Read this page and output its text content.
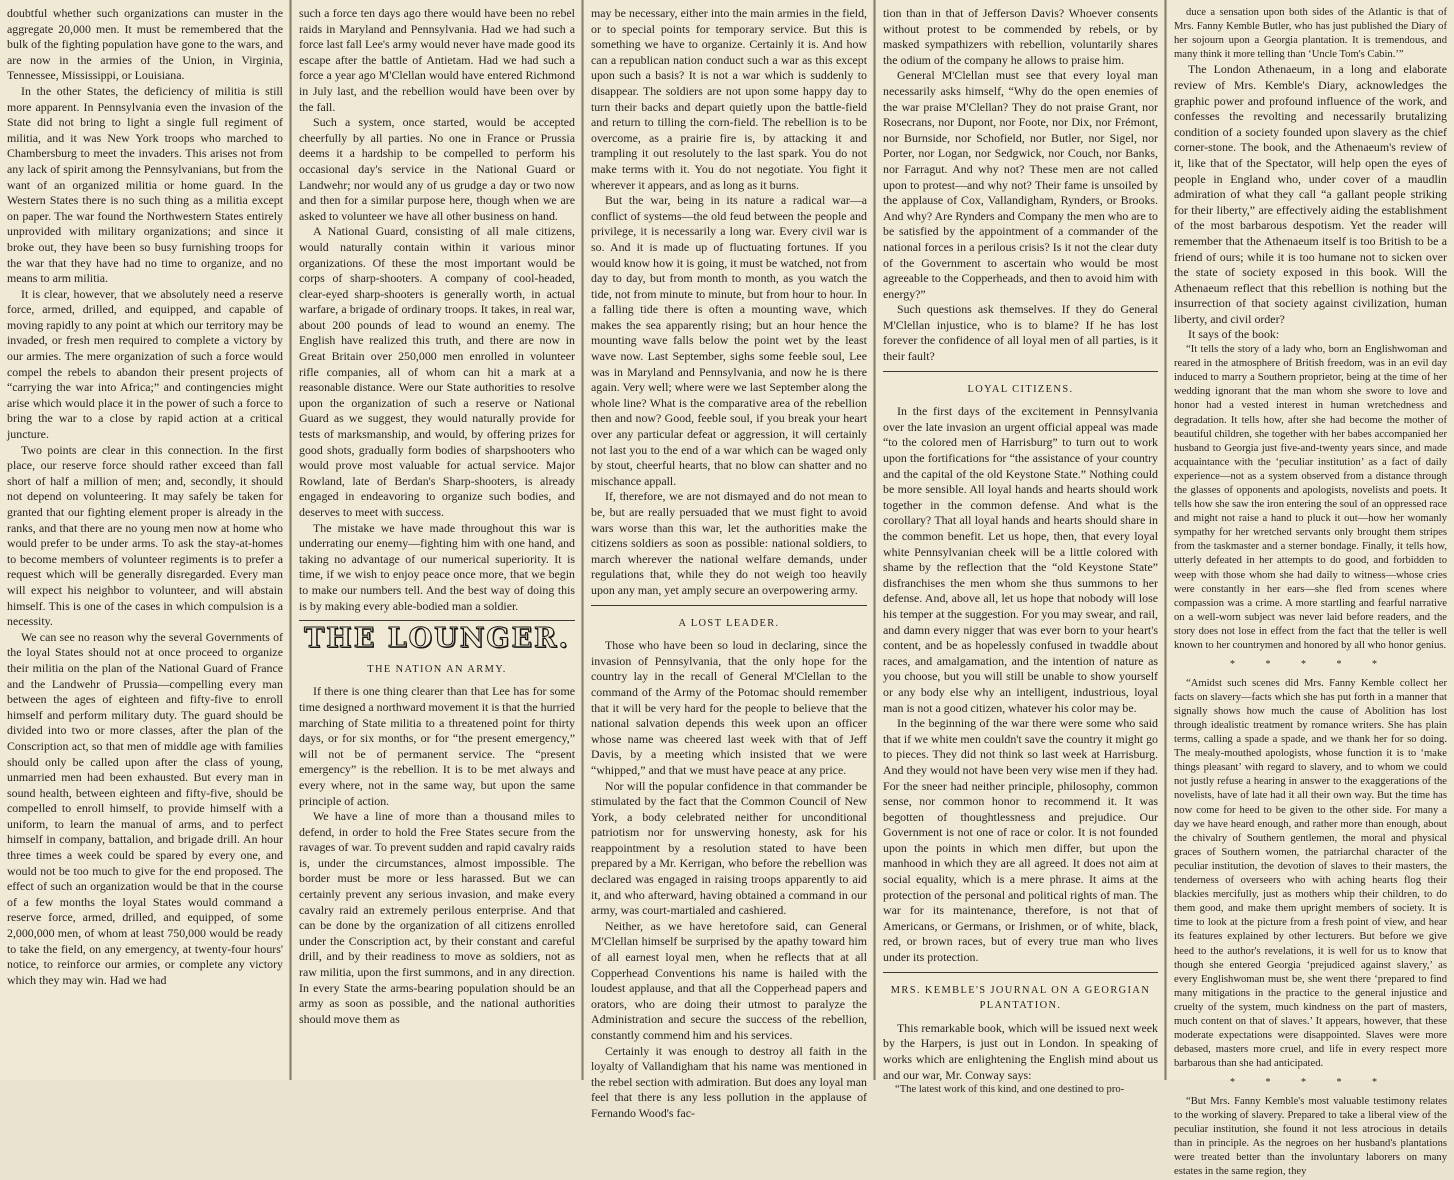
doubtful whether such organizations can muster in the aggregate 20,000 men. It must be remembered that the bulk of the fighting population have gone to the wars, and are now in the armies of the Union, in Virginia, Tennessee, Mississippi, or Louisiana.

In the other States, the deficiency of militia is still more apparent. In Pennsylvania even the invasion of the State did not bring to light a single full regiment of militia, and it was New York troops who marched to Chambersburg to meet the invaders. This arises not from any lack of spirit among the Pennsylvanians, but from the want of an organized militia or home guard. In the Western States there is no such thing as a militia except on paper. The war found the Northwestern States entirely unprovided with military organizations; and since it broke out, they have been so busy furnishing troops for the war that they have had no time to organize, and no means to arm militia.

It is clear, however, that we absolutely need a reserve force, armed, drilled, and equipped, and capable of moving rapidly to any point at which our territory may be invaded, or fresh men required to complete a victory by our armies. The mere organization of such a force would compel the rebels to abandon their present projects of “carrying the war into Africa;” and contingencies might arise which would place it in the power of such a force to bring the war to a close by rapid action at a critical juncture.

Two points are clear in this connection. In the first place, our reserve force should rather exceed than fall short of half a million of men; and, secondly, it should not depend on volunteering. It may safely be taken for granted that our fighting element proper is already in the ranks, and that there are no young men now at home who would prefer to be under arms. To ask the stay-at-homes to become members of volunteer regiments is to prefer a request which will be generally disregarded. Every man will expect his neighbor to volunteer, and will abstain himself. This is one of the cases in which compulsion is a necessity.

We can see no reason why the several Governments of the loyal States should not at once proceed to organize their militia on the plan of the National Guard of France and the Landwehr of Prussia—compelling every man between the ages of eighteen and fifty-five to enroll himself and perform military duty. The guard should be divided into two or more classes, after the plan of the Conscription act, so that men of middle age with families should only be called upon after the class of young, unmarried men had been exhausted. But every man in sound health, between eighteen and fifty-five, should be compelled to enroll himself, to provide himself with a uniform, to learn the manual of arms, and to perfect himself in company, battalion, and brigade drill. An hour three times a week could be spared by every one, and would not be too much to give for the end proposed. The effect of such an organization would be that in the course of a few months the loyal States would command a reserve force, armed, drilled, and equipped, of some 2,000,000 men, of whom at least 750,000 would be ready to take the field, on any emergency, at twenty-four hours' notice, to reinforce our armies, or complete any victory which they may win. Had we had

such a force ten days ago there would have been no rebel raids in Maryland and Pennsylvania. Had we had such a force last fall Lee's army would never have made good its escape after the battle of Antietam. Had we had such a force a year ago M'Clellan would have entered Richmond in July last, and the rebellion would have been over by the fall.

Such a system, once started, would be accepted cheerfully by all parties. No one in France or Prussia deems it a hardship to be compelled to perform his occasional day's service in the National Guard or Landwehr; nor would any of us grudge a day or two now and then for a similar purpose here, though when we are asked to volunteer we have all other business on hand.

A National Guard, consisting of all male citizens, would naturally contain within it various minor organizations. Of these the most important would be corps of sharp-shooters. A company of cool-headed, clear-eyed sharp-shooters is generally worth, in actual warfare, a brigade of ordinary troops. It takes, in real war, about 200 pounds of lead to wound an enemy. The English have realized this truth, and there are now in Great Britain over 250,000 men enrolled in volunteer rifle companies, all of whom can hit a mark at a reasonable distance. Were our State authorities to resolve upon the organization of such a reserve or National Guard as we suggest, they would naturally provide for tests of marksmanship, and would, by offering prizes for good shots, gradually form bodies of sharpshooters who would prove most valuable for actual service. Major Rowland, late of Berdan's Sharp-shooters, is already engaged in endeavoring to organize such bodies, and deserves to meet with success.

The mistake we have made throughout this war is underrating our enemy—fighting him with one hand, and taking no advantage of our numerical superiority. It is time, if we wish to enjoy peace once more, that we begin to make our numbers tell. And the best way of doing this is by making every able-bodied man a soldier.

THE LOUNGER.
THE NATION AN ARMY.

If there is one thing clearer than that Lee has for some time designed a northward movement it is that the hurried marching of State militia to a threatened point for thirty days, or for six months, or for “the present emergency,” will not be of permanent service. The “present emergency” is the rebellion. It is to be met always and every where, not in the same way, but upon the same principle of action.

We have a line of more than a thousand miles to defend, in order to hold the Free States secure from the ravages of war. To prevent sudden and rapid cavalry raids is, under the circumstances, almost impossible. The border must be more or less harassed. But we can certainly prevent any serious invasion, and make every cavalry raid an extremely perilous enterprise. And that can be done by the organization of all citizens enrolled under the Conscription act, by their constant and careful drill, and by their readiness to move as soldiers, not as raw militia, upon the first summons, and in any direction. In every State the arms-bearing population should be an army as soon as possible, and the national authorities should move them as

may be necessary, either into the main armies in the field, or to special points for temporary service. But this is something we have to organize. Certainly it is. And how can a republican nation conduct such a war as this except upon such a basis? It is not a war which is suddenly to disappear. The soldiers are not upon some happy day to turn their backs and depart quietly upon the battle-field and return to tilling the corn-field. The rebellion is to be overcome, as a prairie fire is, by attacking it and trampling it out resolutely to the last spark. You do not make terms with it. You do not negotiate. You fight it wherever it appears, and as long as it burns.

But the war, being in its nature a radical war—a conflict of systems—the old feud between the people and privilege, it is necessarily a long war. Every civil war is so. And it is made up of fluctuating fortunes. If you would know how it is going, it must be watched, not from day to day, but from month to month, as you watch the tide, not from minute to minute, but from hour to hour. In a falling tide there is often a mounting wave, which makes the sea apparently rising; but an hour hence the mounting wave falls below the point wet by the least wave now. Last September, sighs some feeble soul, Lee was in Maryland and Pennsylvania, and now he is there again. Very well; where were we last September along the whole line? What is the comparative area of the rebellion then and now? Good, feeble soul, if you break your heart over any particular defeat or aggression, it will certainly not last you to the end of a war which can be waged only by stout, cheerful hearts, that no blow can shatter and no mischance appall.

If, therefore, we are not dismayed and do not mean to be, but are really persuaded that we must fight to avoid wars worse than this war, let the authorities make the citizens soldiers as soon as possible: national soldiers, to march wherever the national welfare demands, under regulations that, while they do not weigh too heavily upon any man, yet amply secure an overpowering army.

A LOST LEADER.

Those who have been so loud in declaring, since the invasion of Pennsylvania, that the only hope for the country lay in the recall of General M'Clellan to the command of the Army of the Potomac should remember that it will be very hard for the people to believe that the national salvation depends this week upon an officer whose name was cheered last week with that of Jeff Davis, by a meeting which insisted that we were “whipped,” and that we must have peace at any price.

Nor will the popular confidence in that commander be stimulated by the fact that the Common Council of New York, a body celebrated neither for unconditional patriotism nor for unswerving honesty, ask for his reappointment by a resolution stated to have been prepared by a Mr. Kerrigan, who before the rebellion was declared was engaged in raising troops apparently to aid it, and who afterward, having obtained a command in our army, was court-martialed and cashiered.

Neither, as we have heretofore said, can General M'Clellan himself be surprised by the apathy toward him of all earnest loyal men, when he reflects that at all Copperhead Conventions his name is hailed with the loudest applause, and that all the Copperhead papers and orators, who are doing their utmost to paralyze the Administration and secure the success of the rebellion, constantly commend him and his services.

Certainly it was enough to destroy all faith in the loyalty of Vallandigham that his name was mentioned in the rebel section with admiration. But does any loyal man feel that there is any less pollution in the applause of Fernando Wood's fac-

tion than in that of Jefferson Davis? Whoever consents without protest to be commended by rebels, or by masked sympathizers with rebellion, voluntarily shares the odium of the company he allows to praise him.

General M'Clellan must see that every loyal man necessarily asks himself, “Why do the open enemies of the war praise M'Clellan? They do not praise Grant, nor Rosecrans, nor Dupont, nor Foote, nor Dix, nor Frémont, nor Burnside, nor Schofield, nor Butler, nor Sigel, nor Porter, nor Logan, nor Sedgwick, nor Couch, nor Banks, nor Farragut. And why not? These men are not called upon to protest—and why not? Their fame is unsoiled by the applause of Cox, Vallandigham, Rynders, or Brooks. And why? Are Rynders and Company the men who are to be satisfied by the appointment of a commander of the national forces in a perilous crisis? Is it not the clear duty of the Government to ascertain who would be most agreeable to the Copperheads, and then to avoid him with energy?”

Such questions ask themselves. If they do General M'Clellan injustice, who is to blame? If he has lost forever the confidence of all loyal men of all parties, is it their fault?

LOYAL CITIZENS.

In the first days of the excitement in Pennsylvania over the late invasion an urgent official appeal was made “to the colored men of Harrisburg” to turn out to work upon the fortifications for “the assistance of your country and the capital of the old Keystone State.” Nothing could be more sensible. All loyal hands and hearts should work together in the common defense. And what is the corollary? That all loyal hands and hearts should share in the common benefit. Let us hope, then, that every loyal white Pennsylvanian cheek will be a little colored with shame by the reflection that the “old Keystone State” disfranchises the men whom she thus summons to her defense. And, above all, let us hope that nobody will lose his temper at the suggestion. For you may swear, and rail, and damn every nigger that was ever born to your heart's content, and be as hopelessly confused in twaddle about races, and amalgamation, and the intention of nature as you choose, but you will still be unable to show yourself or any body else why an intelligent, industrious, loyal man is not a good citizen, whatever his color may be.

In the beginning of the war there were some who said that if we white men couldn't save the country it might go to pieces. They did not think so last week at Harrisburg. And they would not have been very wise men if they had. For the sneer had neither principle, philosophy, common sense, nor common honor to recommend it. It was begotten of thoughtlessness and prejudice. Our Government is not one of race or color. It is not founded upon the points in which men differ, but upon the manhood in which they are all agreed. It does not aim at social equality, which is a mere phrase. It aims at the protection of the personal and political rights of man. The war for its maintenance, therefore, is not that of Americans, or Germans, or Irishmen, or of white, black, red, or brown races, but of every true man who lives under its protection.

MRS. KEMBLE'S JOURNAL ON A GEORGIAN PLANTATION.

This remarkable book, which will be issued next week by the Harpers, is just out in London. In speaking of works which are enlightening the English mind about us and our war, Mr. Conway says:

“The latest work of this kind, and one destined to pro-

duce a sensation upon both sides of the Atlantic is that of Mrs. Fanny Kemble Butler, who has just published the Diary of her sojourn upon a Georgia plantation. It is tremendous, and many think it more telling than ‘Uncle Tom's Cabin.’”

The London Athenaeum, in a long and elaborate review of Mrs. Kemble's Diary, acknowledges the graphic power and profound influence of the work, and confesses the revolting and necessarily brutalizing condition of a society founded upon slavery as the chief corner-stone. The book, and the Athenaeum's review of it, like that of the Spectator, will help open the eyes of people in England who, under cover of a maudlin admiration of what they call “a gallant people striking for their liberty,” are effectively aiding the establishment of the most barbarous despotism. Yet the reader will remember that the Athenaeum itself is too British to be a friend of ours; while it is too humane not to sicken over the state of society exposed in this book. Will the Athenaeum reflect that this rebellion is nothing but the insurrection of that society against civilization, human liberty, and civil order?

It says of the book:

“It tells the story of a lady who, born an Englishwoman and reared in the atmosphere of British freedom, was in an evil day induced to marry a Southern proprietor, being at the time of her wedding ignorant that the man whom she swore to love and honor had a vested interest in human wretchedness and degradation. It tells how, after she had become the mother of beautiful children, she together with her babes accompanied her husband to Georgia just five-and-twenty years since, and made acquaintance with the ‘peculiar institution’ as a fact of daily experience—not as a system observed from a distance through the glasses of opponents and apologists, novelists and poets. It tells how she saw the iron entering the soul of an oppressed race and might not raise a hand to pluck it out—how her womanly sympathy for her wretched servants only brought them stripes from the taskmaster and a sterner bondage. Finally, it tells how, utterly defeated in her attempts to do good, and forbidden to weep with those whom she had daily to witness—whose cries were constantly in her ears—she fled from scenes where compassion was a crime. A more startling and fearful narrative on a well-worn subject was never laid before readers, and the story does not lose in effect from the fact that the teller is well known to her countrymen and honored by all who honor genius.

* * * * *

“Amidst such scenes did Mrs. Fanny Kemble collect her facts on slavery—facts which she has put forth in a manner that signally shows how much the cause of Abolition has lost through idealistic treatment by romance writers. She has plain terms, calling a spade a spade, and we thank her for so doing. The mealy-mouthed apologists, whose function it is to ‘make things pleasant’ with regard to slavery, and to whom we could not justly refuse a hearing in answer to the exaggerations of the novelists, have of late had it all their own way. But the time has now come for heed to be given to the other side. For many a day we have heard enough, and rather more than enough, about the chivalry of Southern gentlemen, the moral and physical graces of Southern women, the patriarchal character of the peculiar institution, the devotion of slaves to their masters, the tenderness of overseers who with aching hearts flog their blackies mercifully, just as mothers whip their children, to do them good, and make them upright members of society. It is time to look at the picture from a fresh point of view, and hear its features explained by other lecturers. But before we give heed to the author's revelations, it is well for us to know that though she entered Georgia ‘prejudiced against slavery,’ as every Englishwoman must be, she went there ‘prepared to find many mitigations in the practice to the general injustice and cruelty of the system, much kindness on the part of masters, much content on that of slaves.’ It appears, however, that these moderate expectations were disappointed. Slaves were more debased, masters more cruel, and life in every respect more barbarous than she had anticipated.

* * * * *

“But Mrs. Fanny Kemble's most valuable testimony relates to the working of slavery. Prepared to take a liberal view of the peculiar institution, she found it not less atrocious in details than in principle. As the negroes on her husband's plantations were treated better than the involuntary laborers on many estates in the same region, they
